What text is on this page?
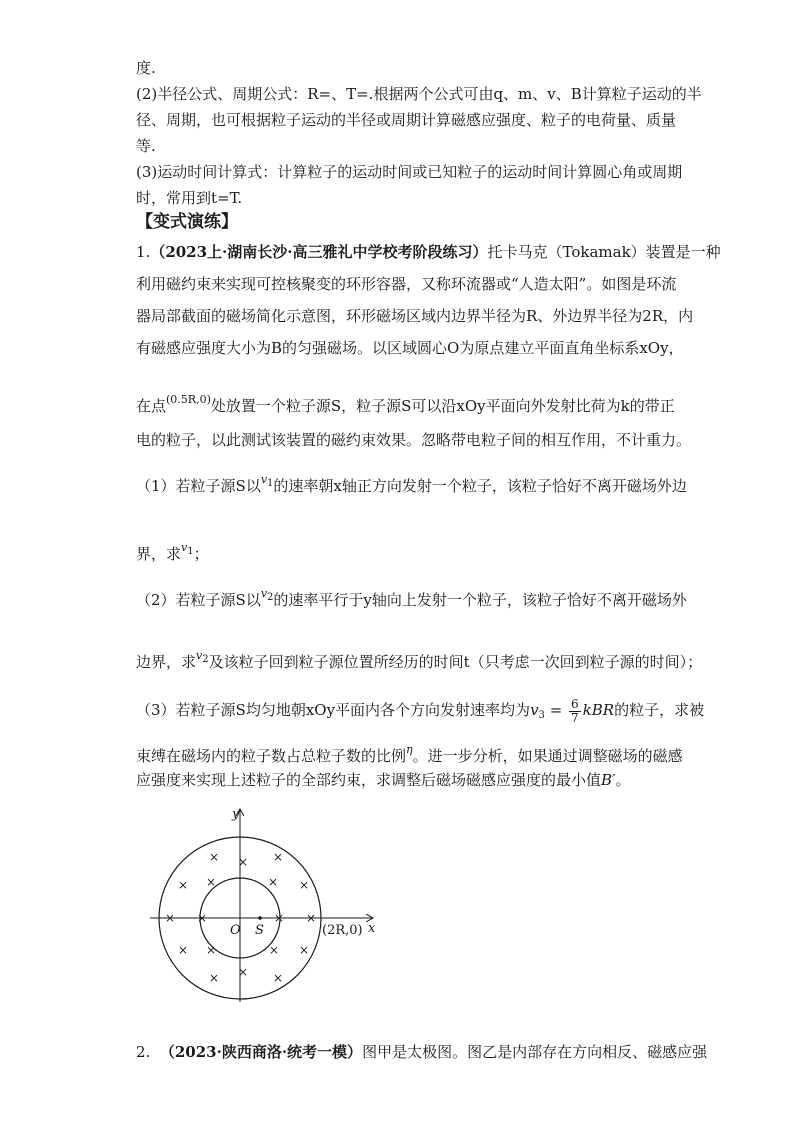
度.
(2)半径公式、周期公式：R=、T=.根据两个公式可由q、m、v、B计算粒子运动的半
径、周期，也可根据粒子运动的半径或周期计算磁感应强度、粒子的电荷量、质量
等.
(3)运动时间计算式：计算粒子的运动时间或已知粒子的运动时间计算圆心角或周期
时，常用到t=T.
【变式演练】
1.（2023上·湖南长沙·高三雅礼中学校考阶段练习）托卡马克（Tokamak）装置是一种
利用磁约束来实现可控核聚变的环形容器，又称环流器或“人造太阳”。如图是环流
器局部截面的磁场简化示意图，环形磁场区域内边界半径为R、外边界半径为2R，内
有磁感应强度大小为B的匀强磁场。以区域圆心O为原点建立平面直角坐标系xOy，
在点$^{(0.5R,0)}$处放置一个粒子源S，粒子源S可以沿xOy平面向外发射比荷为k的带正
电的粒子，以此测试该装置的磁约束效果。忽略带电粒子间的相互作用，不计重力。
（1）若粒子源S以$^{v1}$的速率朝x轴正方向发射一个粒子，该粒子恰好不离开磁场外边
界，求$^{v1}$；
（2）若粒子源S以$^{v2}$的速率平行于y轴向上发射一个粒子，该粒子恰好不离开磁场外
边界，求$^{v2}$及该粒子回到粒子源位置所经历的时间t（只考虑一次回到粒子源的时间）；
（3）若粒子源S均匀地朝xOy平面内各个方向发射速率均为$v_3 = \frac{6}{7}$ kBR的粒子，求被
束缚在磁场内的粒子数占总粒子数的比例$^\eta$。进一步分析，如果通过调整磁场的磁感
应强度来实现上述粒子的全部约束，求调整后磁场磁感应强度的最小值B′。
y
x
O S	(2R,0)
×	×
× ×	× ×
× ×	× ×
× ×	× ×
×	×
×
×
2. （2023·陕西商洛·统考一模）图甲是太极图。图乙是内部存在方向相反、磁感应强
